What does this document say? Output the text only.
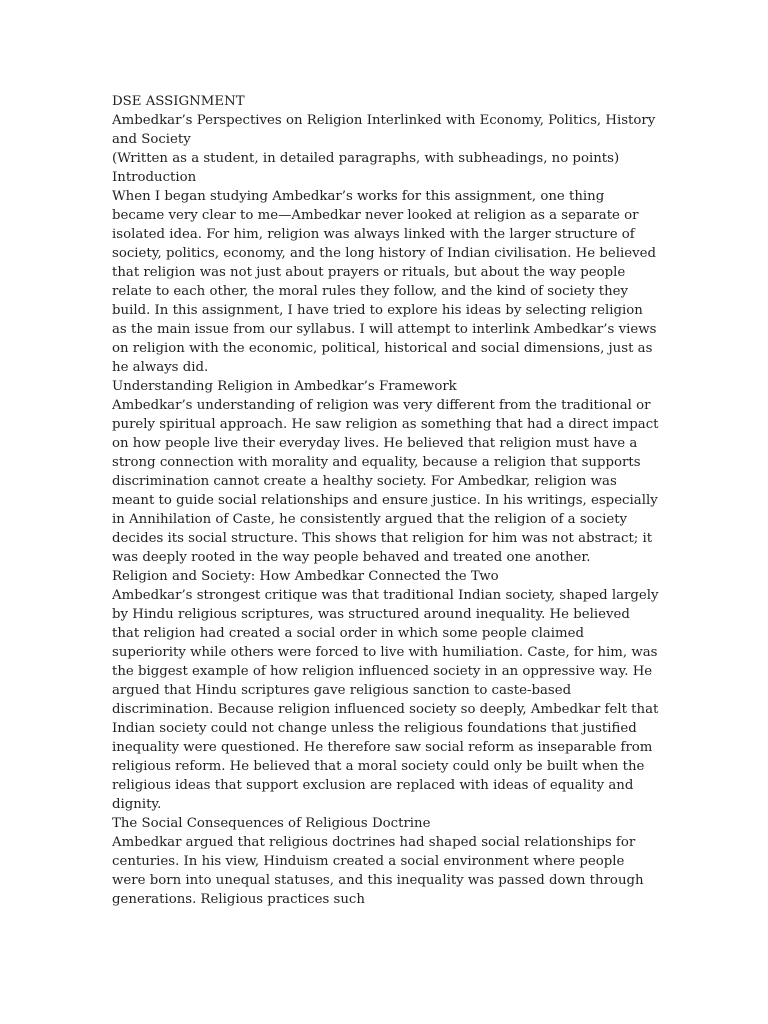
DSE ASSIGNMENT

Ambedkar’s Perspectives on Religion Interlinked with Economy, Politics, History and Society

(Written as a student, in detailed paragraphs, with subheadings, no points)

Introduction

When I began studying Ambedkar’s works for this assignment, one thing became very clear to me—Ambedkar never looked at religion as a separate or isolated idea. For him, religion was always linked with the larger structure of society, politics, economy, and the long history of Indian civilisation. He believed that religion was not just about prayers or rituals, but about the way people relate to each other, the moral rules they follow, and the kind of society they build. In this assignment, I have tried to explore his ideas by selecting religion as the main issue from our syllabus. I will attempt to interlink Ambedkar’s views on religion with the economic, political, historical and social dimensions, just as he always did.

Understanding Religion in Ambedkar’s Framework

Ambedkar’s understanding of religion was very different from the traditional or purely spiritual approach. He saw religion as something that had a direct impact on how people live their everyday lives. He believed that religion must have a strong connection with morality and equality, because a religion that supports discrimination cannot create a healthy society. For Ambedkar, religion was meant to guide social relationships and ensure justice. In his writings, especially in Annihilation of Caste, he consistently argued that the religion of a society decides its social structure. This shows that religion for him was not abstract; it was deeply rooted in the way people behaved and treated one another.

Religion and Society: How Ambedkar Connected the Two

Ambedkar’s strongest critique was that traditional Indian society, shaped largely by Hindu religious scriptures, was structured around inequality. He believed that religion had created a social order in which some people claimed superiority while others were forced to live with humiliation. Caste, for him, was the biggest example of how religion influenced society in an oppressive way. He argued that Hindu scriptures gave religious sanction to caste-based discrimination. Because religion influenced society so deeply, Ambedkar felt that Indian society could not change unless the religious foundations that justified inequality were questioned. He therefore saw social reform as inseparable from religious reform. He believed that a moral society could only be built when the religious ideas that support exclusion are replaced with ideas of equality and dignity.

The Social Consequences of Religious Doctrine

Ambedkar argued that religious doctrines had shaped social relationships for centuries. In his view, Hinduism created a social environment where people were born into unequal statuses, and this inequality was passed down through generations. Religious practices such
